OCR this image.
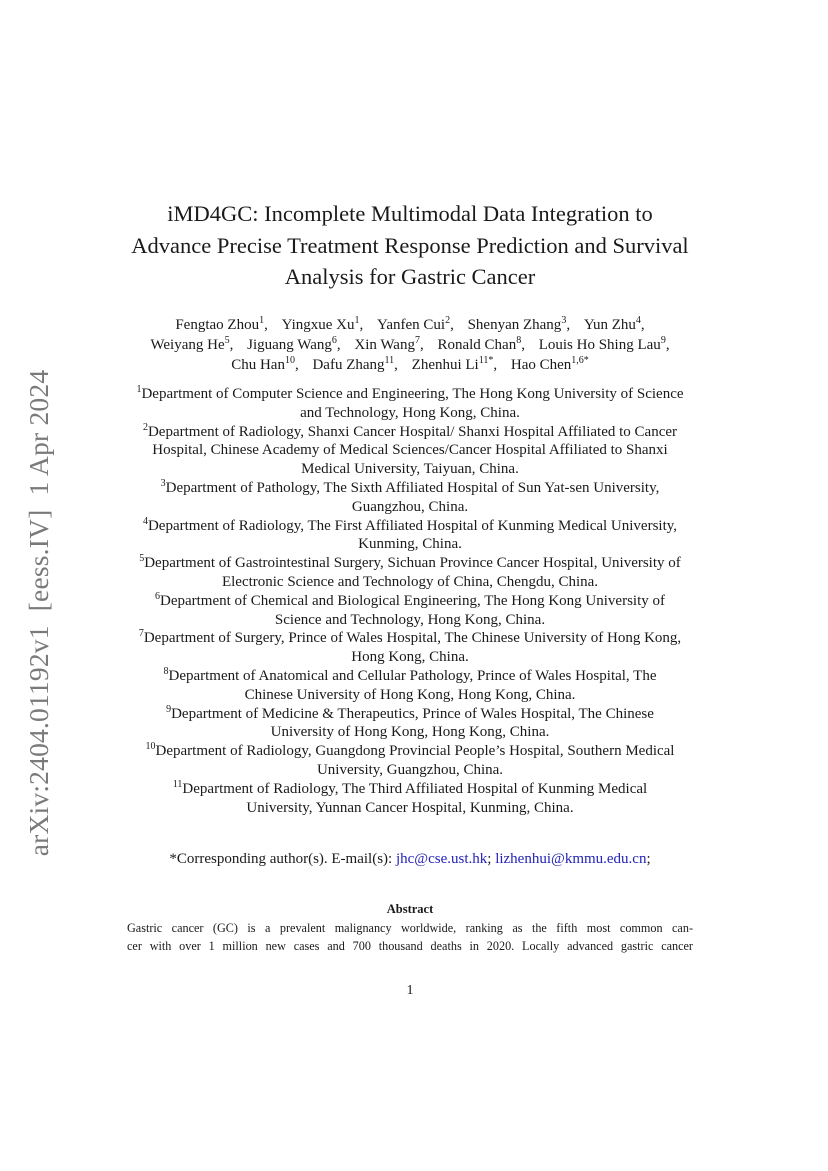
arXiv:2404.01192v1[eess.IV]1 Apr 2024
iMD4GC: Incomplete Multimodal Data Integration to
Advance Precise Treatment Response Prediction and Survival
Analysis for Gastric Cancer
Fengtao Zhou$^1$, Yingxue Xu$^1$, Yanfen Cui$^2$, Shenyan Zhang$^3$, Yun Zhu$^4$,
Weiyang He$^5$, Jiguang Wang$^6$, Xin Wang$^7$, Ronald Chan$^8$, Louis Ho Shing Lau$^9$,
Chu Han$^{10}$, Dafu Zhang$^{11}$, Zhenhui $Li^{11*}$, Hao Chen$^{1,6*}$
$^1$Department of Computer Science and Engineering, The Hong Kong University of Science
and Technology, Hong Kong, China.
$^2$Department of Radiology, Shanxi Cancer Hospital/ Shanxi Hospital Affiliated to Cancer
Hospital, Chinese Academy of Medical Sciences/Cancer Hospital Affiliated to Shanxi
Medical University, Taiyuan, China.
$^3$Department of Pathology, The Sixth Affiliated Hospital of Sun Yat-sen University,
Guangzhou, China.
$^4$Department of Radiology, The First Affiliated Hospital of Kunming Medical University,
Kunming, China.
$^5$Department of Gastrointestinal Surgery, Sichuan Province Cancer Hospital, University of
Electronic Science and Technology of China, Chengdu, China.
$^6$Department of Chemical and Biological Engineering, The Hong Kong University of
Science and Technology, Hong Kong, China.
$^7$Department of Surgery, Prince of Wales Hospital, The Chinese University of Hong Kong,
Hong Kong, China.
$^8$Department of Anatomical and Cellular Pathology, Prince of Wales Hospital, The
Chinese University of Hong Kong, Hong Kong, China.
$^9$Department of Medicine & Therapeutics, Prince of Wales Hospital, The Chinese
University of Hong Kong, Hong Kong, China.
$^{10}$Department of Radiology, Guangdong Provincial People’s Hospital, Southern Medical
University, Guangzhou, China.
$^{11}$Department of Radiology, The Third Affiliated Hospital of Kunming Medical
University, Yunnan Cancer Hospital, Kunming, China.
*Corresponding author(s). E-mail(s): jhc@cse.ust.hk; lizhenhui@kmmu.edu.cn;
Abstract
Gastric cancer (GC) is a prevalent malignancy worldwide, ranking as the fifth most common can-
cer with over 1 million new cases and 700 thousand deaths in 2020. Locally advanced gastric cancer
1
